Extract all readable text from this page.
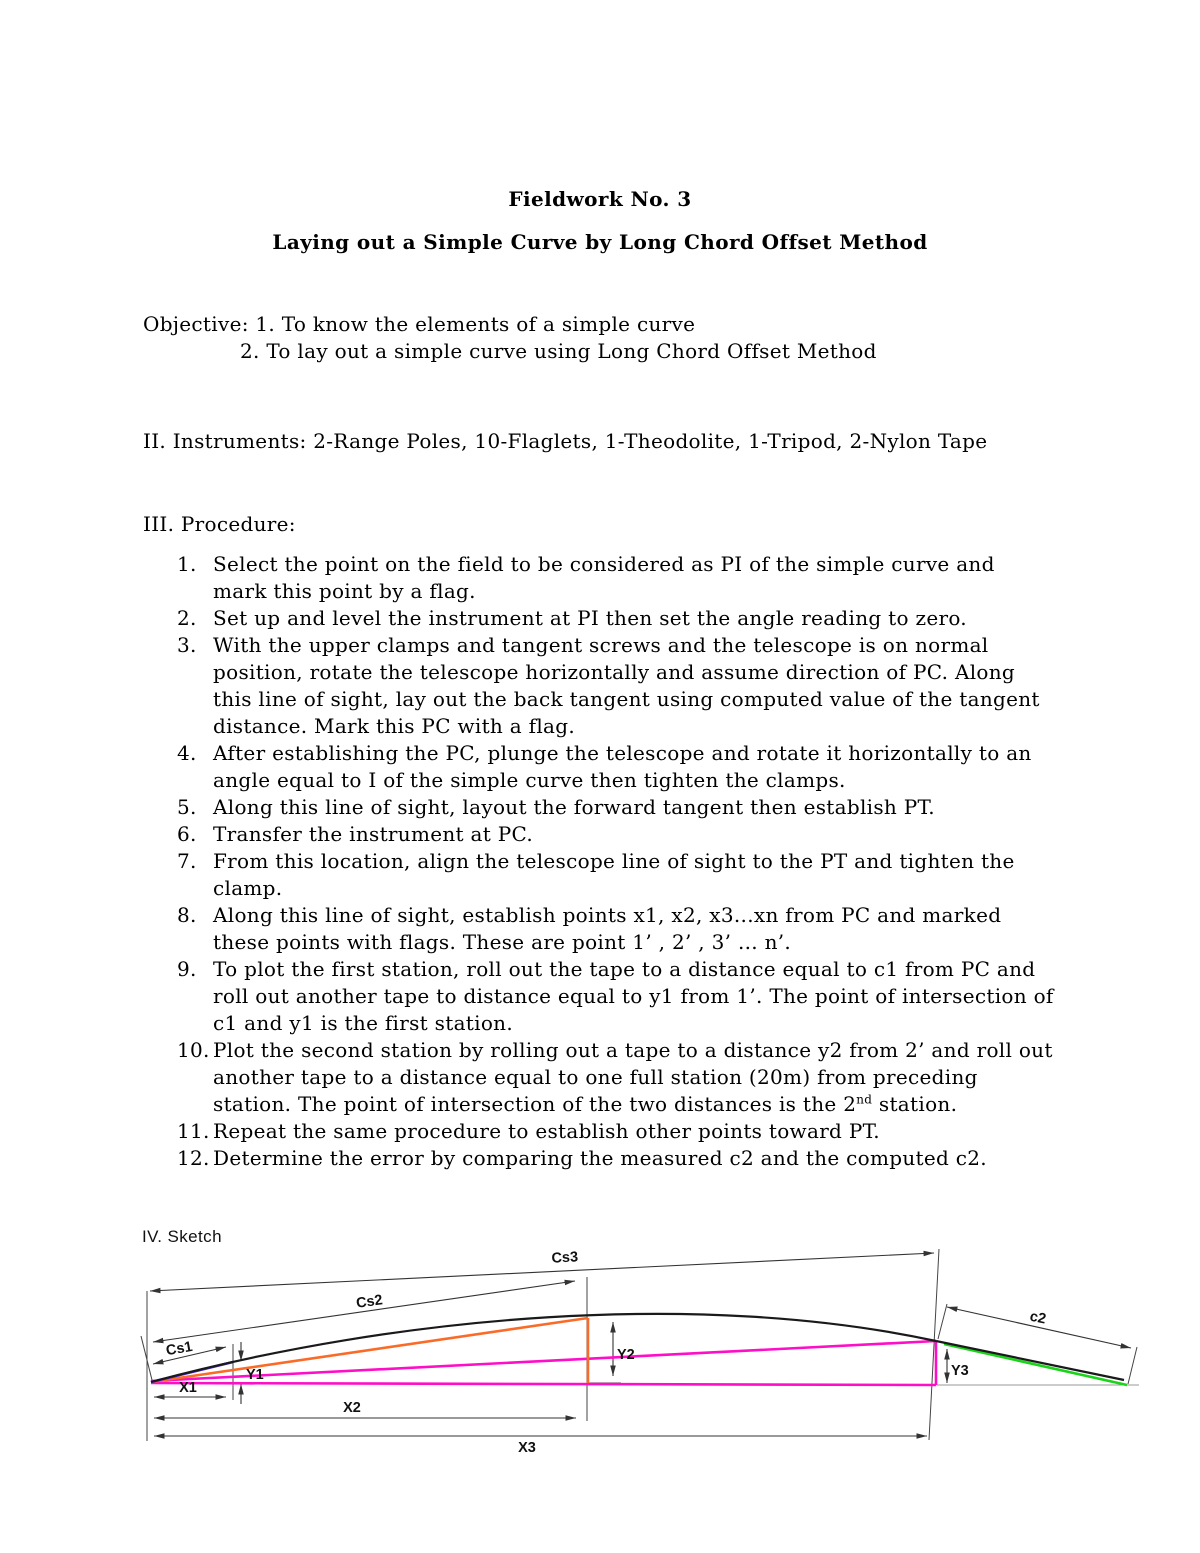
Fieldwork No. 3
Laying out a Simple Curve by Long Chord Offset Method
Objective: 1. To know the elements of a simple curve
2. To lay out a simple curve using Long Chord Offset Method
II. Instruments: 2-Range Poles, 10-Flaglets, 1-Theodolite, 1-Tripod, 2-Nylon Tape
III. Procedure:
1. Select the point on the field to be considered as PI of the simple curve and mark this point by a flag.
2. Set up and level the instrument at PI then set the angle reading to zero.
3. With the upper clamps and tangent screws and the telescope is on normal position, rotate the telescope horizontally and assume direction of PC. Along this line of sight, lay out the back tangent using computed value of the tangent distance. Mark this PC with a flag.
4. After establishing the PC, plunge the telescope and rotate it horizontally to an angle equal to I of the simple curve then tighten the clamps.
5. Along this line of sight, layout the forward tangent then establish PT.
6. Transfer the instrument at PC.
7. From this location, align the telescope line of sight to the PT and tighten the clamp.
8. Along this line of sight, establish points x1, x2, x3...xn from PC and marked these points with flags. These are point 1’ , 2’ , 3’ ... n’.
9. To plot the first station, roll out the tape to a distance equal to c1 from PC and roll out another tape to distance equal to y1 from 1’. The point of intersection of c1 and y1 is the first station.
10. Plot the second station by rolling out a tape to a distance y2 from 2’ and roll out another tape to a distance equal to one full station (20m) from preceding station. The point of intersection of the two distances is the 2nd station.
11. Repeat the same procedure to establish other points toward PT.
12. Determine the error by comparing the measured c2 and the computed c2.
IV. Sketch
Cs3
Cs2
Cs1
c2
X1
X2
X3
Y1
Y2
Y3
